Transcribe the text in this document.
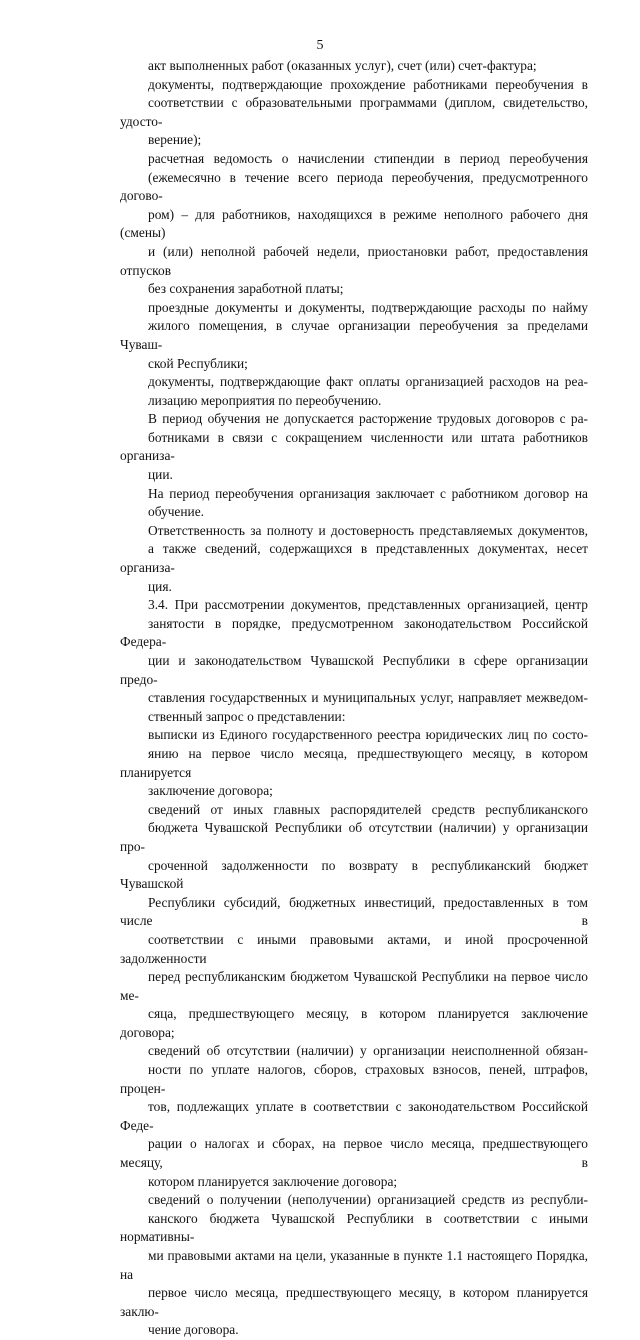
5

акт выполненных работ (оказанных услуг), счет (или) счет-фактура;

документы, подтверждающие прохождение работниками переобучения в
соответствии с образовательными программами (диплом, свидетельство, удосто-
верение);

расчетная ведомость о начислении стипендии в период переобучения
(ежемесячно в течение всего периода переобучения, предусмотренного догово-
ром) – для работников, находящихся в режиме неполного рабочего дня (смены)
и (или) неполной рабочей недели, приостановки работ, предоставления отпусков
без сохранения заработной платы;

проездные документы и документы, подтверждающие расходы по найму
жилого помещения, в случае организации переобучения за пределами Чуваш-
ской Республики;

документы, подтверждающие факт оплаты организацией расходов на реа-
лизацию мероприятия по переобучению.

В период обучения не допускается расторжение трудовых договоров с ра-
ботниками в связи с сокращением численности или штата работников организа-
ции.

На период переобучения организация заключает с работником договор на
обучение.

Ответственность за полноту и достоверность представляемых документов,
а также сведений, содержащихся в представленных документах, несет организа-
ция.

3.4. При рассмотрении документов, представленных организацией, центр
занятости в порядке, предусмотренном законодательством Российской Федера-
ции и законодательством Чувашской Республики в сфере организации предо-
ставления государственных и муниципальных услуг, направляет межведом-
ственный запрос о представлении:

выписки из Единого государственного реестра юридических лиц по состо-
янию на первое число месяца, предшествующего месяцу, в котором планируется
заключение договора;

сведений от иных главных распорядителей средств республиканского
бюджета Чувашской Республики об отсутствии (наличии) у организации про-
сроченной задолженности по возврату в республиканский бюджет Чувашской
Республики субсидий, бюджетных инвестиций, предоставленных в том числе в
соответствии с иными правовыми актами, и иной просроченной задолженности
перед республиканским бюджетом Чувашской Республики на первое число ме-
сяца, предшествующего месяцу, в котором планируется заключение договора;

сведений об отсутствии (наличии) у организации неисполненной обязан-
ности по уплате налогов, сборов, страховых взносов, пеней, штрафов, процен-
тов, подлежащих уплате в соответствии с законодательством Российской Феде-
рации о налогах и сборах, на первое число месяца, предшествующего месяцу, в
котором планируется заключение договора;

сведений о получении (неполучении) организацией средств из республи-
канского бюджета Чувашской Республики в соответствии с иными нормативны-
ми правовыми актами на цели, указанные в пункте 1.1 настоящего Порядка, на
первое число месяца, предшествующего месяцу, в котором планируется заклю-
чение договора.
